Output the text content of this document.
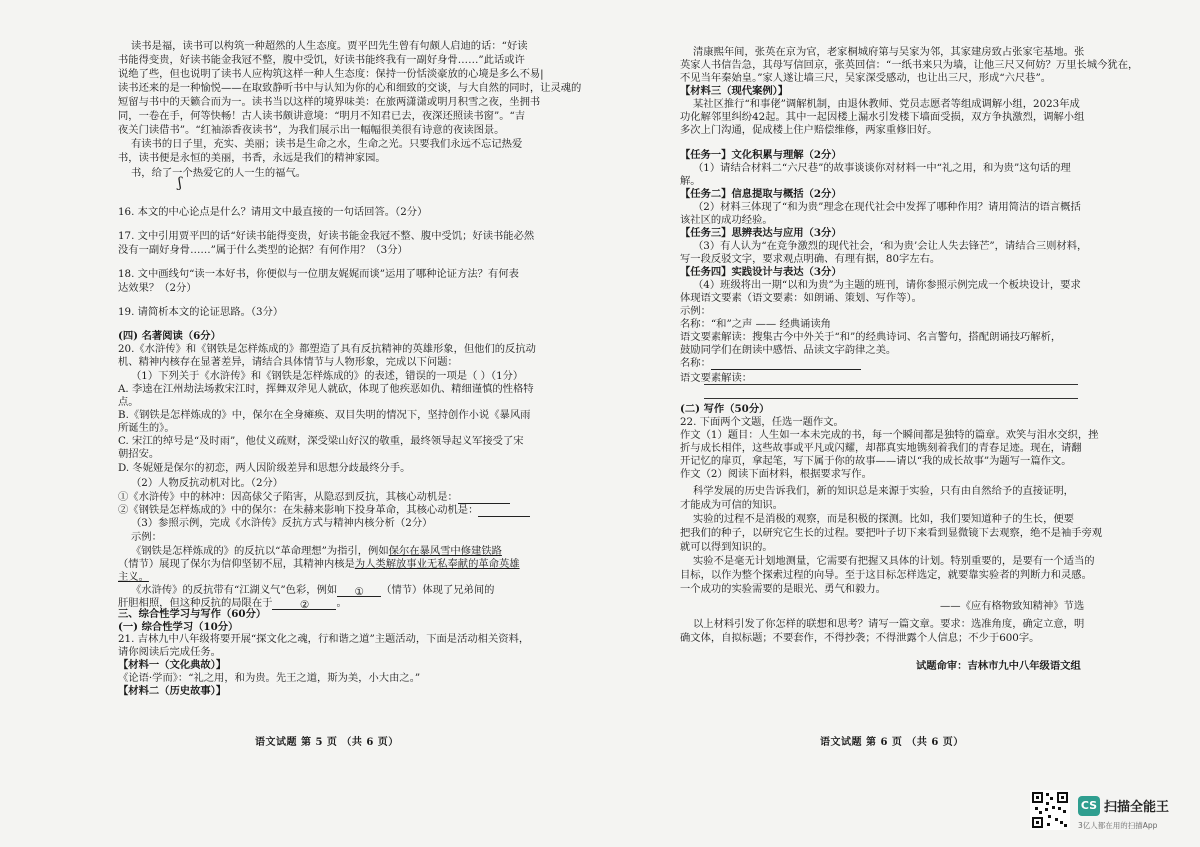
读书是福，读书可以构筑一种超然的人生态度。贾平凹先生曾有句颇人启迪的话：“好读
书能得变贵，好读书能金我冠不整，腹中受饥，好读书能终我有一副好身骨……”此话或许
说绝了些，但也说明了读书人应构筑这样一种人生态度：保持一份恬淡豪放的心境是多么不易|
读书还来的是一种愉悦——在取致静听书中与认知为你的心和细致的交谈，与大自然的同时，让灵魂的
短留与书中的天籁合而为一。读书当以这样的境界味美：在旅两潇潇或明月积雪之夜，坐拥书
同，一卷在手，何等快畅！古人读书颇讲意境：“明月不知君已去，夜深还照读书窗”。“吉
夜关门读借书”。“红袖添香夜读书”，为我们展示出一幅幅很美很有诗意的夜读图景。
有读书的日子里，充实、美丽；读书是生命之水，生命之光。只要我们永远不忘记热爱
书，读书便是永恒的美丽，书香，永远是我们的精神家园。
书，给了一个热爱它的人一生的福气。
ʃ
16. 本文的中心论点是什么？请用文中最直接的一句话回答。（2分）
17. 文中引用贾平凹的话“好读书能得变贵，好读书能金我冠不整、腹中受饥；好读书能必然
没有一副好身骨……”属于什么类型的论据？有何作用？（3分）
18. 文中画线句“读一本好书，你便似与一位朋友娓娓而谈”运用了哪种论证方法？有何表
达效果？（2分）
19. 请简析本文的论证思路。（3分）
(四) 名著阅读（6分）
20.《水浒传》和《钢铁是怎样炼成的》都塑造了具有反抗精神的英雄形象，但他们的反抗动
机、精神内核存在显著差异，请结合具体情节与人物形象，完成以下问题：
（1）下列关于《水浒传》和《钢铁是怎样炼成的》的表述，错误的一项是（ ）（1分）
A. 李逵在江州劫法场救宋江时，挥舞双斧见人就砍，体现了他疾恶如仇、精细谨慎的性格特
点。
B.《钢铁是怎样炼成的》中，保尔在全身瘫痪、双目失明的情况下，坚持创作小说《暴风雨
所诞生的》。
C. 宋江的绰号是“及时雨”，他仗义疏财，深受梁山好汉的敬重，最终领导起义军接受了宋
朝招安。
D. 冬妮娅是保尔的初恋，两人因阶级差异和思想分歧最终分手。
（2）人物反抗动机对比。（2分）
①《水浒传》中的林冲：因高俅父子陷害，从隐忍到反抗，其核心动机是：
②《钢铁是怎样炼成的》中的保尔：在朱赫来影响下投身革命，其核心动机是：
（3）参照示例，完成《水浒传》反抗方式与精神内核分析（2分）
示例：
《钢铁是怎样炼成的》的反抗以“革命理想”为指引，例如保尔在暴风雪中修建铁路
（情节）展现了保尔为信仰坚韧不屈，其精神内核是为人类解放事业无私奉献的革命英雄
主义。
《水浒传》的反抗带有“江湖义气”色彩，例如 ① （情节）体现了兄弟间的
肝胆相照，但这种反抗的局限在于	②	。
三、综合性学习与写作（60分）
(一) 综合性学习（10分）
21. 吉林九中八年级将要开展“探文化之魂，行和谐之道”主题活动，下面是活动相关资料，
请你阅读后完成任务。
【材料一（文化典故）】
《论语·学而》：“礼之用，和为贵。先王之道，斯为美，小大由之。”
【材料二（历史故事）】
语文试题 第 5 页 （共 6 页）
清康熙年间，张英在京为官，老家桐城府第与吴家为邻，其家建房致占张家宅基地。张
英家人书信告急，其母写信回京，张英回信：“一纸书来只为墙，让他三尺又何妨？万里长城今犹在，
不见当年秦始皇。”家人遂让墙三尺，吴家深受感动，也让出三尺，形成“六尺巷”。
【材料三（现代案例）】
某社区推行“和事佬”调解机制，由退休教师、党员志愿者等组成调解小组，2023年成
功化解邻里纠纷42起。其中一起因楼上漏水引发楼下墙面受损，双方争执激烈，调解小组
多次上门沟通，促成楼上住户赔偿维修，两家重修旧好。
【任务一】文化积累与理解（2分）
（1）请结合材料二“六尺巷”的故事谈谈你对材料一中“礼之用，和为贵”这句话的理
解。
【任务二】信息提取与概括（2分）
（2）材料三体现了“和为贵”理念在现代社会中发挥了哪种作用？请用简洁的语言概括
该社区的成功经验。
【任务三】思辨表达与应用（3分）
（3）有人认为“在竞争激烈的现代社会，‘和为贵’会让人失去锋芒”，请结合三则材料，
写一段反驳文字，要求观点明确、有理有据，80字左右。
【任务四】实践设计与表达（3分）
（4）班级将出一期“以和为贵”为主题的班刊，请你参照示例完成一个板块设计，要求
体现语文要素（语文要素：如朗诵、策划、写作等）。
示例：
名称：“和”之声 —— 经典诵读角
语文要素解读：搜集古今中外关于“和”的经典诗词、名言警句，搭配朗诵技巧解析，
鼓励同学们在朗读中感悟、品读文字韵律之美。
名称：
语文要素解读：
(二) 写作（50分）
22. 下面两个文题，任选一题作文。
作文（1）题目：人生如一本未完成的书，每一个瞬间都是独特的篇章。欢笑与泪水交织，挫
折与成长相伴，这些故事或平凡或闪耀，却都真实地镌刻着我们的青春足迹。现在，请翻
开记忆的扉页，拿起笔，写下属于你的故事——请以“我的成长故事”为题写一篇作文。
作文（2）阅读下面材料，根据要求写作。
科学发展的历史告诉我们，新的知识总是来源于实验，只有由自然给予的直接证明，
才能成为可信的知识。
实验的过程不是消极的观察，而是积极的探测。比如，我们要知道种子的生长，便要
把我们的种子，以研究它生长的过程。要把叶子切下来看到显微镜下去观察，绝不是袖手旁观
就可以得到知识的。
实验不是毫无计划地测量，它需要有把握又具体的计划。特别重要的，是要有一个适当的
目标，以作为整个探索过程的向导。至于这目标怎样选定，就要靠实验者的判断力和灵感。
一个成功的实验需要的是眼光、勇气和毅力。
——《应有格物致知精神》节选
以上材料引发了你怎样的联想和思考？请写一篇文章。要求：选准角度，确定立意，明
确文体，自拟标题；不要套作，不得抄袭；不得泄露个人信息；不少于600字。
试题命审：吉林市九中八年级语文组
语文试题 第 6 页 （共 6 页）
CS 扫描全能王
3亿人都在用的扫描App
